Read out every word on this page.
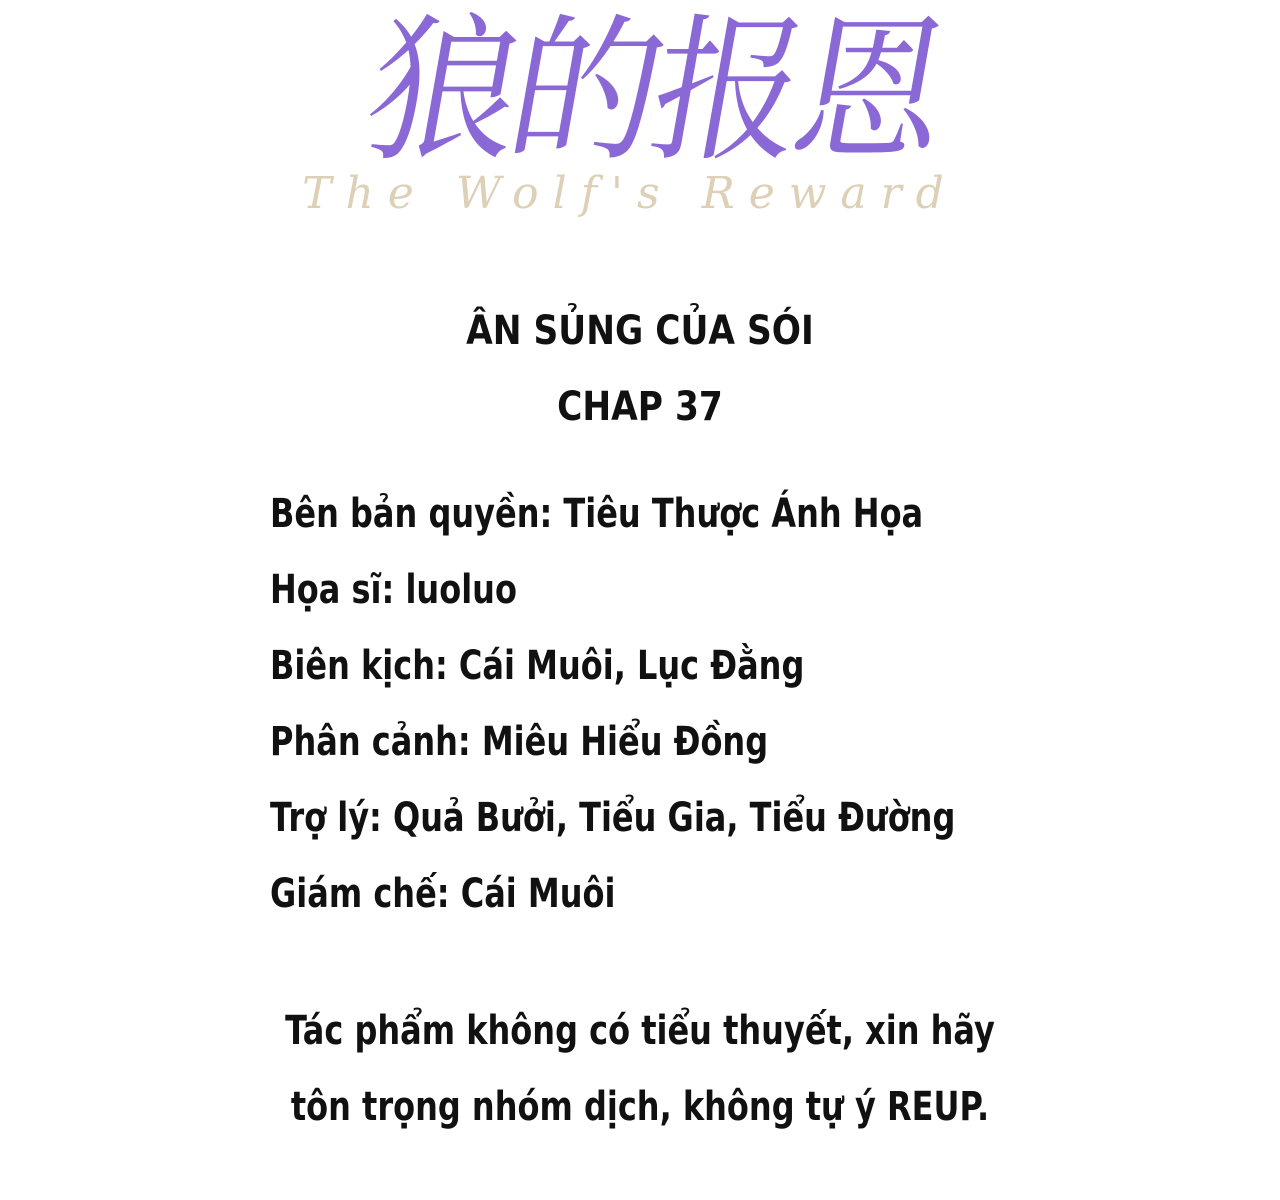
狼的报恩
The Wolf's Reward
ÂN SỦNG CỦA SÓI
CHAP 37
Bên bản quyền: Tiêu Thược Ánh Họa
Họa sĩ: luoluo
Biên kịch: Cái Muôi, Lục Đằng
Phân cảnh: Miêu Hiểu Đồng
Trợ lý: Quả Bưởi, Tiểu Gia, Tiểu Đường
Giám chế: Cái Muôi
Tác phẩm không có tiểu thuyết, xin hãy
tôn trọng nhóm dịch, không tự ý REUP.
